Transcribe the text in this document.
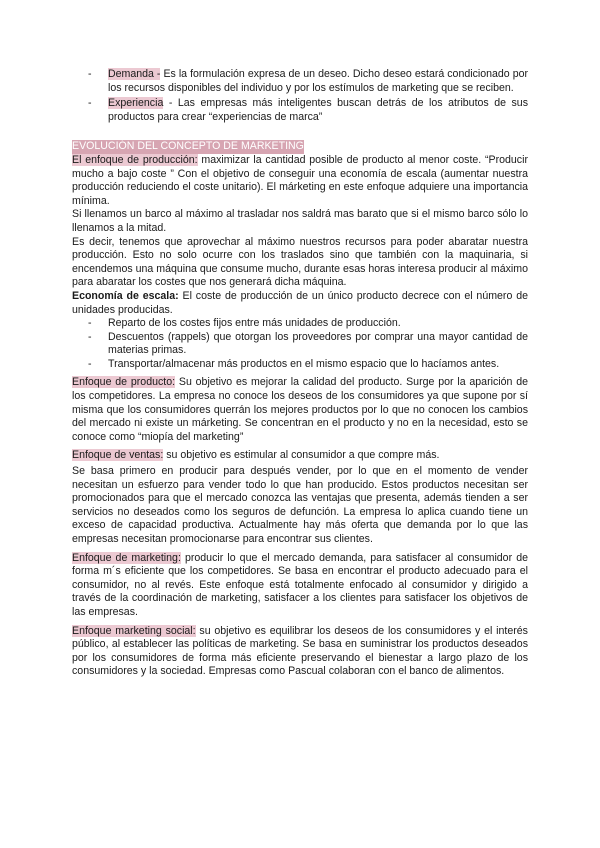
- Demanda - Es la formulación expresa de un deseo. Dicho deseo estará condicionado por los recursos disponibles del individuo y por los estímulos de marketing que se reciben.
- Experiencia - Las empresas más inteligentes buscan detrás de los atributos de sus productos para crear “experiencias de marca”
EVOLUCIÓN DEL CONCEPTO DE MARKETING

El enfoque de producción: maximizar la cantidad posible de producto al menor coste. “Producir mucho a bajo coste ” Con el objetivo de conseguir una economía de escala (aumentar nuestra producción reduciendo el coste unitario). El márketing en este enfoque adquiere una importancia mínima.

Si llenamos un barco al máximo al trasladar nos saldrá mas barato que si el mismo barco sólo lo llenamos a la mitad.

Es decir, tenemos que aprovechar al máximo nuestros recursos para poder abaratar nuestra producción. Esto no solo ocurre con los traslados sino que también con la maquinaria, si encendemos una máquina que consume mucho, durante esas horas interesa producir al máximo para abaratar los costes que nos generará dicha máquina.

Economía de escala: El coste de producción de un único producto decrece con el número de unidades producidas.

- Reparto de los costes fijos entre más unidades de producción.
- Descuentos (rappels) que otorgan los proveedores por comprar una mayor cantidad de materias primas.
- Transportar/almacenar más productos en el mismo espacio que lo hacíamos antes.

Enfoque de producto: Su objetivo es mejorar la calidad del producto. Surge por la aparición de los competidores. La empresa no conoce los deseos de los consumidores ya que supone por sí misma que los consumidores querrán los mejores productos por lo que no conocen los cambios del mercado ni existe un márketing. Se concentran en el producto y no en la necesidad, esto se conoce como “miopía del marketing”

Enfoque de ventas: su objetivo es estimular al consumidor a que compre más.

Se basa primero en producir para después vender, por lo que en el momento de vender necesitan un esfuerzo para vender todo lo que han producido. Estos productos necesitan ser promocionados para que el mercado conozca las ventajas que presenta, además tienden a ser servicios no deseados como los seguros de defunción. La empresa lo aplica cuando tiene un exceso de capacidad productiva. Actualmente hay más oferta que demanda por lo que las empresas necesitan promocionarse para encontrar sus clientes.

Enfoque de marketing: producir lo que el mercado demanda, para satisfacer al consumidor de forma m´s eficiente que los competidores. Se basa en encontrar el producto adecuado para el consumidor, no al revés. Este enfoque está totalmente enfocado al consumidor y dirigido a través de la coordinación de marketing, satisfacer a los clientes para satisfacer los objetivos de las empresas.

Enfoque marketing social: su objetivo es equilibrar los deseos de los consumidores y el interés público, al establecer las políticas de marketing. Se basa en suministrar los productos deseados por los consumidores de forma más eficiente preservando el bienestar a largo plazo de los consumidores y la sociedad. Empresas como Pascual colaboran con el banco de alimentos.
